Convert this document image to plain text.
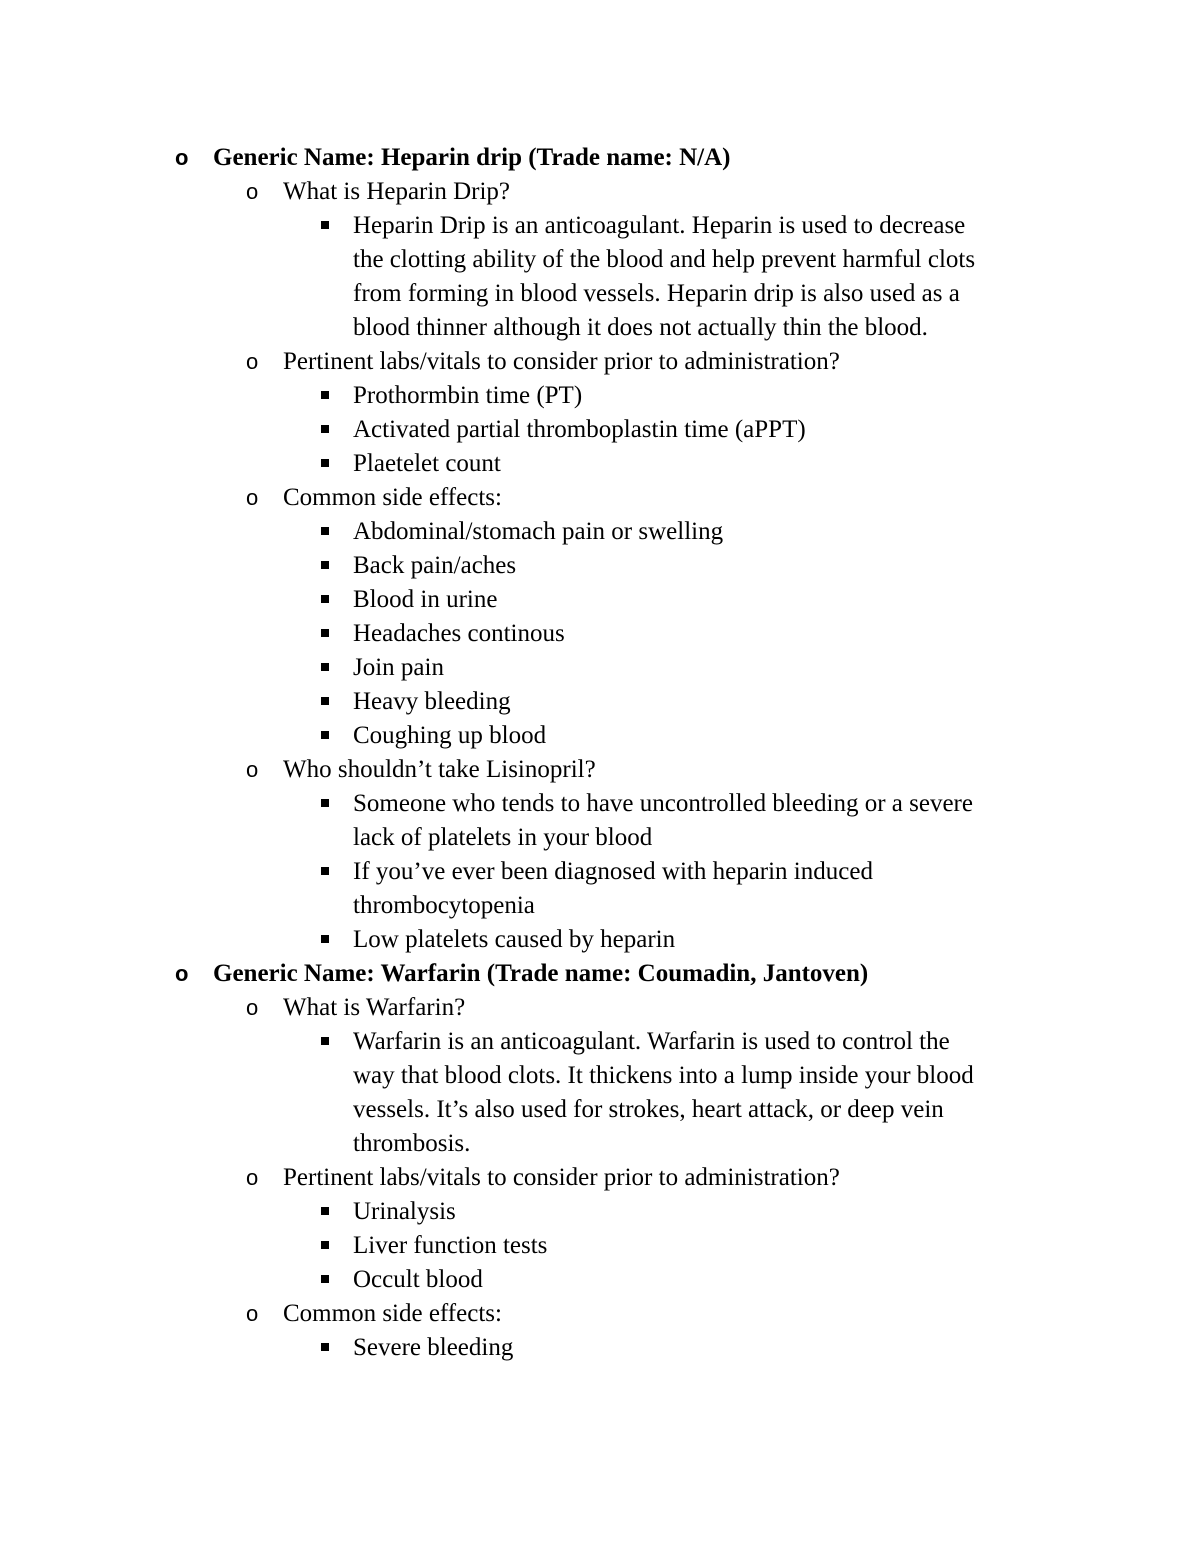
o Generic Name: Heparin drip (Trade name: N/A)
o What is Heparin Drip?
Heparin Drip is an anticoagulant. Heparin is used to decrease
the clotting ability of the blood and help prevent harmful clots
from forming in blood vessels. Heparin drip is also used as a
blood thinner although it does not actually thin the blood.
o Pertinent labs/vitals to consider prior to administration?
Prothormbin time (PT)
Activated partial thromboplastin time (aPPT)
Plaetelet count
o Common side effects:
Abdominal/stomach pain or swelling
Back pain/aches
Blood in urine
Headaches continous
Join pain
Heavy bleeding
Coughing up blood
o Who shouldn’t take Lisinopril?
Someone who tends to have uncontrolled bleeding or a severe
lack of platelets in your blood
If you’ve ever been diagnosed with heparin induced
thrombocytopenia
Low platelets caused by heparin
o Generic Name: Warfarin (Trade name: Coumadin, Jantoven)
o What is Warfarin?
Warfarin is an anticoagulant. Warfarin is used to control the
way that blood clots. It thickens into a lump inside your blood
vessels. It’s also used for strokes, heart attack, or deep vein
thrombosis.
o Pertinent labs/vitals to consider prior to administration?
Urinalysis
Liver function tests
Occult blood
o Common side effects:
Severe bleeding
